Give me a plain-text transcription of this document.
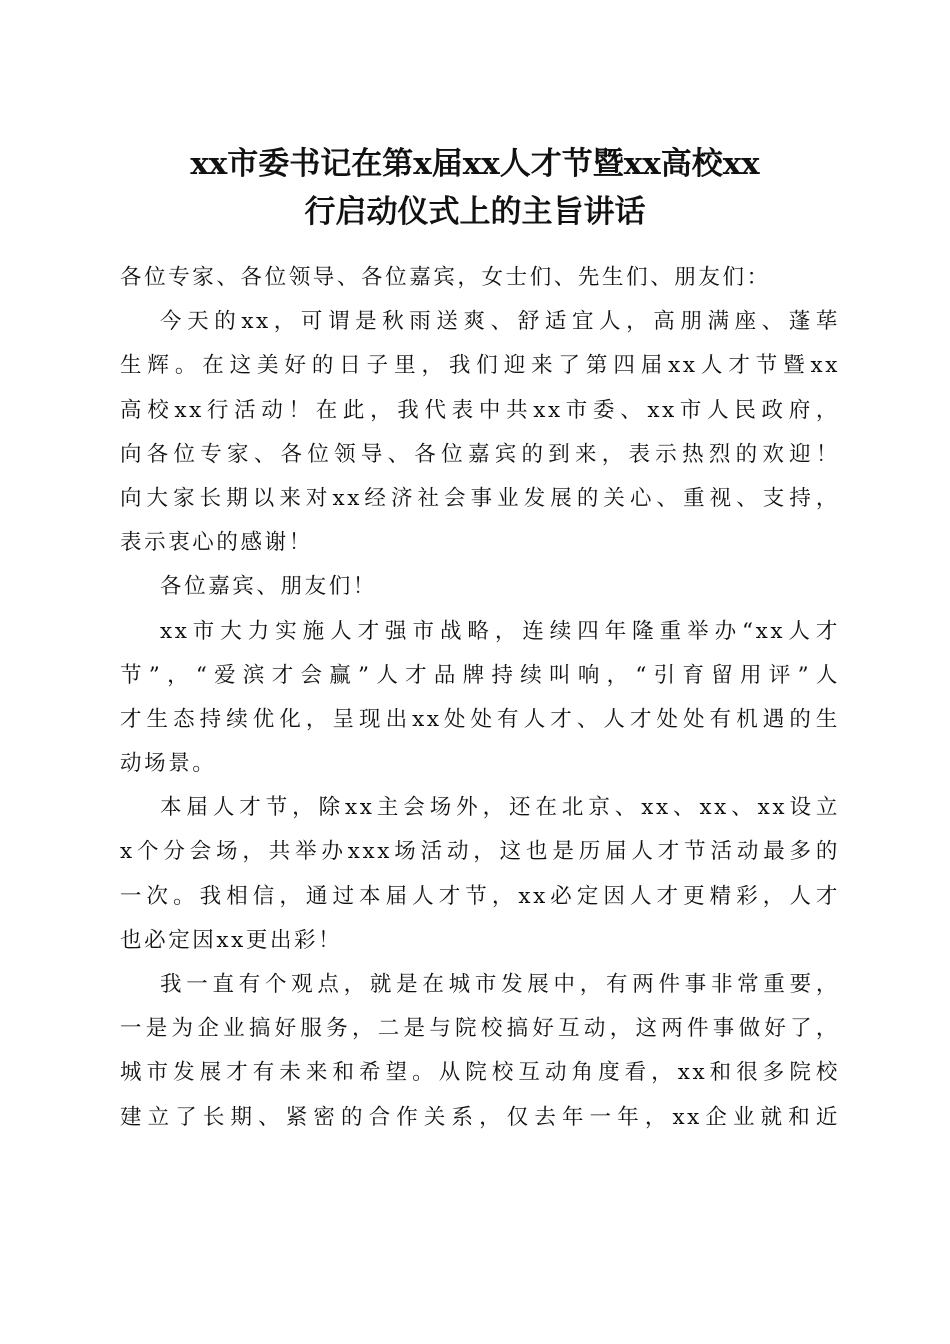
xx市委书记在第x届xx人才节暨xx高校xx
行启动仪式上的主旨讲话
各位专家、各位领导、各位嘉宾，女士们、先生们、朋友们：
今天的xx，可谓是秋雨送爽、舒适宜人，高朋满座、蓬荜
生辉。在这美好的日子里，我们迎来了第四届xx人才节暨xx
高校xx行活动！在此，我代表中共xx市委、xx市人民政府，
向各位专家、各位领导、各位嘉宾的到来，表示热烈的欢迎！
向大家长期以来对xx经济社会事业发展的关心、重视、支持，
表示衷心的感谢！
各位嘉宾、朋友们！
xx市大力实施人才强市战略，连续四年隆重举办“xx人才
节”，“爱滨才会赢”人才品牌持续叫响，“引育留用评”人
才生态持续优化，呈现出xx处处有人才、人才处处有机遇的生
动场景。
本届人才节，除xx主会场外，还在北京、xx、xx、xx设立
x个分会场，共举办xxx场活动，这也是历届人才节活动最多的
一次。我相信，通过本届人才节，xx必定因人才更精彩，人才
也必定因xx更出彩！
我一直有个观点，就是在城市发展中，有两件事非常重要，
一是为企业搞好服务，二是与院校搞好互动，这两件事做好了，
城市发展才有未来和希望。从院校互动角度看，xx和很多院校
建立了长期、紧密的合作关系，仅去年一年，xx企业就和近
